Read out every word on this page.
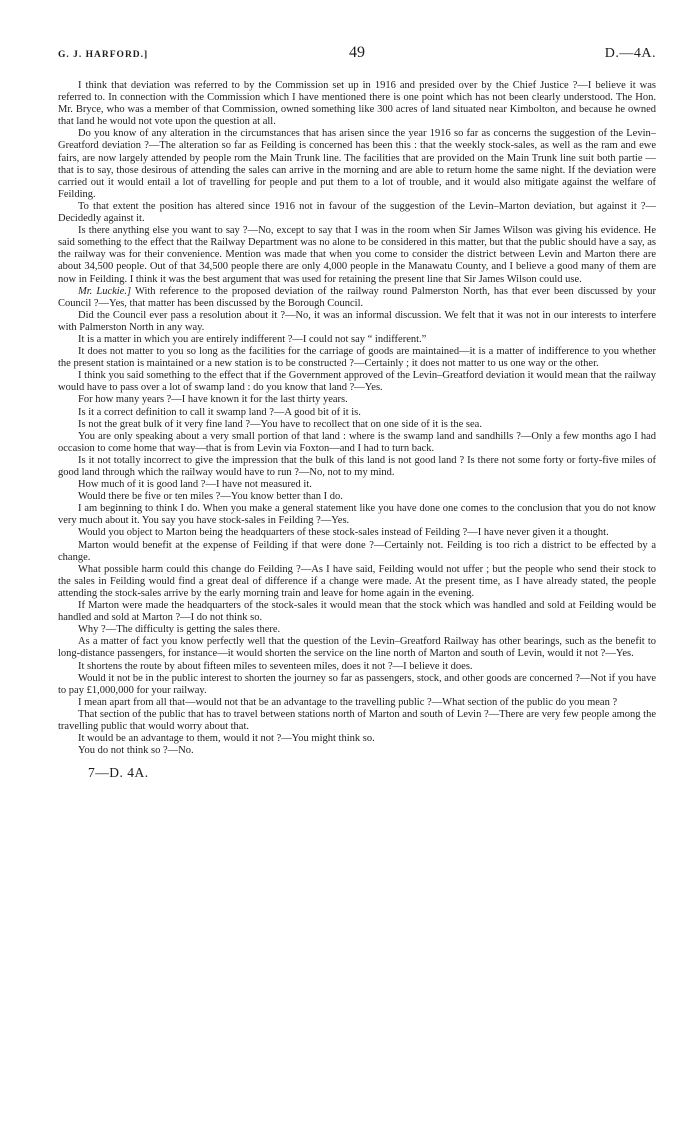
G. J. HARFORD.]	49	D.—4A.

I think that deviation was referred to by the Commission set up in 1916 and presided over by the Chief Justice ?—I believe it was referred to. In connection with the Commission which I have mentioned there is one point which has not been clearly understood. The Hon. Mr. Bryce, who was a member of that Commission, owned something like 300 acres of land situated near Kimbolton, and because he owned that land he would not vote upon the question at all.

Do you know of any alteration in the circumstances that has arisen since the year 1916 so far as concerns the suggestion of the Levin–Greatford deviation ?—The alteration so far as Feilding is concerned has been this : that the weekly stock-sales, as well as the ram and ewe fairs, are now largely attended by people rom the Main Trunk line. The facilities that are provided on the Main Trunk line suit both partie —that is to say, those desirous of attending the sales can arrive in the morning and are able to return home the same night. If the deviation were carried out it would entail a lot of travelling for people and put them to a lot of trouble, and it would also mitigate against the welfare of Feilding.

To that extent the position has altered since 1916 not in favour of the suggestion of the Levin–Marton deviation, but against it ?—Decidedly against it.

Is there anything else you want to say ?—No, except to say that I was in the room when Sir James Wilson was giving his evidence. He said something to the effect that the Railway Department was no alone to be considered in this matter, but that the public should have a say, as the railway was for their convenience. Mention was made that when you come to consider the district between Levin and Marton there are about 34,500 people. Out of that 34,500 people there are only 4,000 people in the Manawatu County, and I believe a good many of them are now in Feilding. I think it was the best argument that was used for retaining the present line that Sir James Wilson could use.

Mr. Luckie.] With reference to the proposed deviation of the railway round Palmerston North, has that ever been discussed by your Council ?—Yes, that matter has been discussed by the Borough Council.

Did the Council ever pass a resolution about it ?—No, it was an informal discussion. We felt that it was not in our interests to interfere with Palmerston North in any way.

It is a matter in which you are entirely indifferent ?—I could not say “ indifferent.”

It does not matter to you so long as the facilities for the carriage of goods are maintained—it is a matter of indifference to you whether the present station is maintained or a new station is to be constructed ?—Certainly ; it does not matter to us one way or the other.

I think you said something to the effect that if the Government approved of the Levin–Greatford deviation it would mean that the railway would have to pass over a lot of swamp land : do you know that land ?—Yes.

For how many years ?—I have known it for the last thirty years.

Is it a correct definition to call it swamp land ?—A good bit of it is.

Is not the great bulk of it very fine land ?—You have to recollect that on one side of it is the sea.

You are only speaking about a very small portion of that land : where is the swamp land and sandhills ?—Only a few months ago I had occasion to come home that way—that is from Levin via Foxton—and I had to turn back.

Is it not totally incorrect to give the impression that the bulk of this land is not good land ? Is there not some forty or forty-five miles of good land through which the railway would have to run ?—No, not to my mind.

How much of it is good land ?—I have not measured it.

Would there be five or ten miles ?—You know better than I do.

I am beginning to think I do. When you make a general statement like you have done one comes to the conclusion that you do not know very much about it. You say you have stock-sales in Feilding ?—Yes.

Would you object to Marton being the headquarters of these stock-sales instead of Feilding ?—I have never given it a thought.

Marton would benefit at the expense of Feilding if that were done ?—Certainly not. Feilding is too rich a district to be effected by a change.

What possible harm could this change do Feilding ?—As I have said, Feilding would not uffer ; but the people who send their stock to the sales in Feilding would find a great deal of difference if a change were made. At the present time, as I have already stated, the people attending the stock-sales arrive by the early morning train and leave for home again in the evening.

If Marton were made the headquarters of the stock-sales it would mean that the stock which was handled and sold at Feilding would be handled and sold at Marton ?—I do not think so.

Why ?—The difficulty is getting the sales there.

As a matter of fact you know perfectly well that the question of the Levin–Greatford Railway has other bearings, such as the benefit to long-distance passengers, for instance—it would shorten the service on the line north of Marton and south of Levin, would it not ?—Yes.

It shortens the route by about fifteen miles to seventeen miles, does it not ?—I believe it does.

Would it not be in the public interest to shorten the journey so far as passengers, stock, and other goods are concerned ?—Not if you have to pay £1,000,000 for your railway.

I mean apart from all that—would not that be an advantage to the travelling public ?—What section of the public do you mean ?

That section of the public that has to travel between stations north of Marton and south of Levin ?—There are very few people among the travelling public that would worry about that.

It would be an advantage to them, would it not ?—You might think so.

You do not think so ?—No.

7—D. 4A.
